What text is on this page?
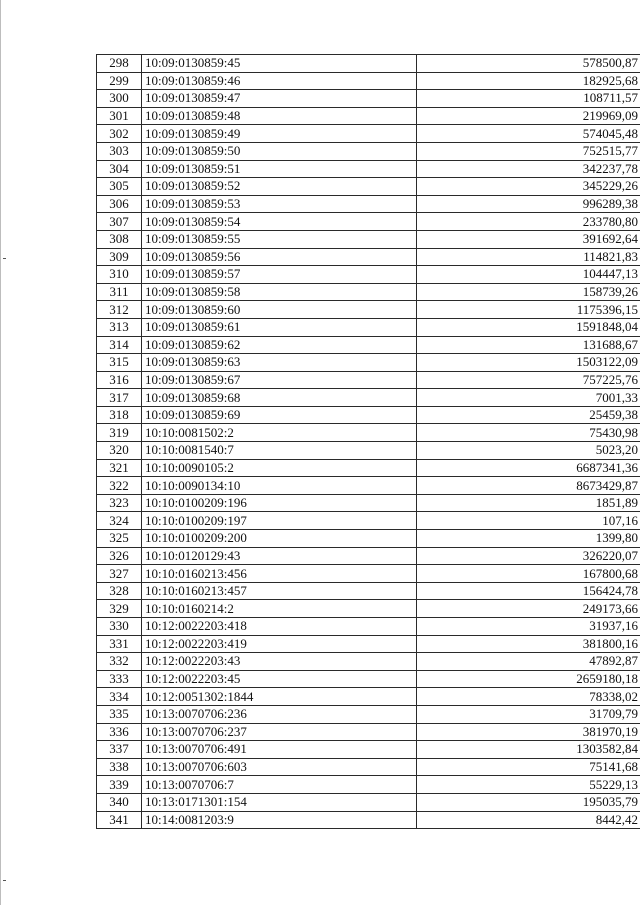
298	10:09:0130859:45	578500,87
299	10:09:0130859:46	182925,68
300	10:09:0130859:47	108711,57
301	10:09:0130859:48	219969,09
302	10:09:0130859:49	574045,48
303	10:09:0130859:50	752515,77
304	10:09:0130859:51	342237,78
305	10:09:0130859:52	345229,26
306	10:09:0130859:53	996289,38
307	10:09:0130859:54	233780,80
308	10:09:0130859:55	391692,64
309	10:09:0130859:56	114821,83
310	10:09:0130859:57	104447,13
311	10:09:0130859:58	158739,26
312	10:09:0130859:60	1175396,15
313	10:09:0130859:61	1591848,04
314	10:09:0130859:62	131688,67
315	10:09:0130859:63	1503122,09
316	10:09:0130859:67	757225,76
317	10:09:0130859:68	7001,33
318	10:09:0130859:69	25459,38
319	10:10:0081502:2	75430,98
320	10:10:0081540:7	5023,20
321	10:10:0090105:2	6687341,36
322	10:10:0090134:10	8673429,87
323	10:10:0100209:196	1851,89
324	10:10:0100209:197	107,16
325	10:10:0100209:200	1399,80
326	10:10:0120129:43	326220,07
327	10:10:0160213:456	167800,68
328	10:10:0160213:457	156424,78
329	10:10:0160214:2	249173,66
330	10:12:0022203:418	31937,16
331	10:12:0022203:419	381800,16
332	10:12:0022203:43	47892,87
333	10:12:0022203:45	2659180,18
334	10:12:0051302:1844	78338,02
335	10:13:0070706:236	31709,79
336	10:13:0070706:237	381970,19
337	10:13:0070706:491	1303582,84
338	10:13:0070706:603	75141,68
339	10:13:0070706:7	55229,13
340	10:13:0171301:154	195035,79
341	10:14:0081203:9	8442,42
